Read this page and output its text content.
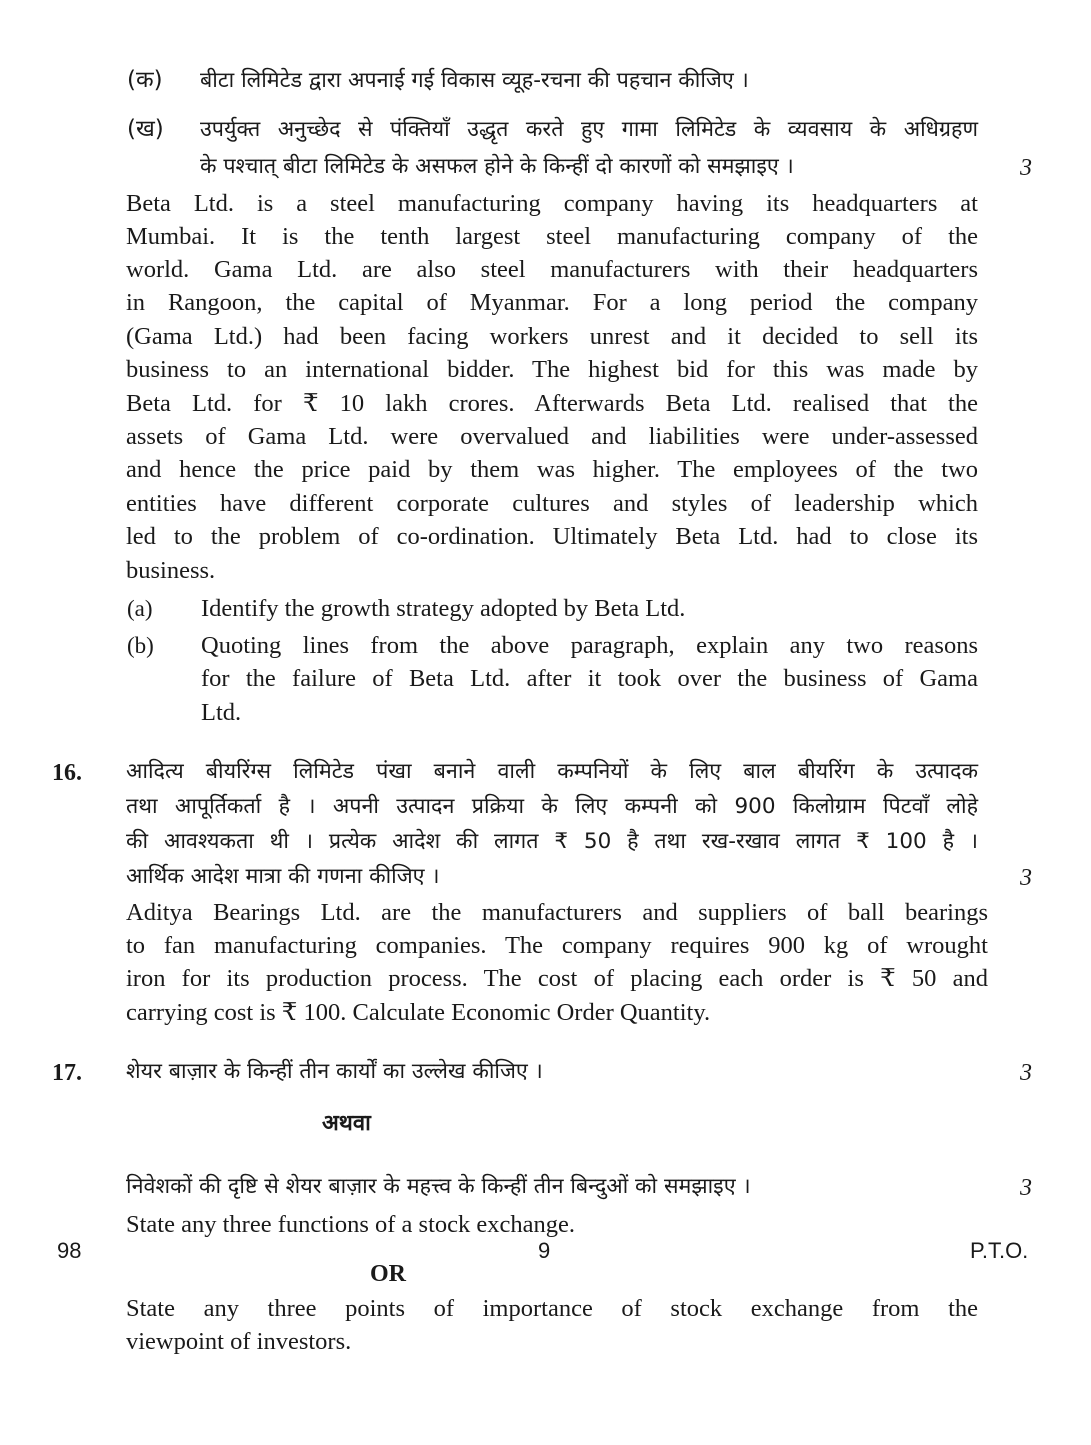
(क) बीटा लिमिटेड द्वारा अपनाई गई विकास व्यूह-रचना की पहचान कीजिए ।
(ख) उपर्युक्त अनुच्छेद से पंक्तियाँ उद्धृत करते हुए गामा लिमिटेड के व्यवसाय के अधिग्रहण
के पश्चात् बीटा लिमिटेड के असफल होने के किन्हीं दो कारणों को समझाइए ।	3
Beta Ltd. is a steel manufacturing company having its headquarters at
Mumbai. It is the tenth largest steel manufacturing company of the
world. Gama Ltd. are also steel manufacturers with their headquarters
in Rangoon, the capital of Myanmar. For a long period the company
(Gama Ltd.) had been facing workers unrest and it decided to sell its
business to an international bidder. The highest bid for this was made by
Beta Ltd. for ₹ 10 lakh crores. Afterwards Beta Ltd. realised that the
assets of Gama Ltd. were overvalued and liabilities were under-assessed
and hence the price paid by them was higher. The employees of the two
entities have different corporate cultures and styles of leadership which
led to the problem of co-ordination. Ultimately Beta Ltd. had to close its
business.
(a) Identify the growth strategy adopted by Beta Ltd.
(b) Quoting lines from the above paragraph, explain any two reasons
for the failure of Beta Ltd. after it took over the business of Gama
Ltd.
16. आदित्य बीयरिंग्स लिमिटेड पंखा बनाने वाली कम्पनियों के लिए बाल बीयरिंग के उत्पादक
तथा आपूर्तिकर्ता है । अपनी उत्पादन प्रक्रिया के लिए कम्पनी को 900 किलोग्राम पिटवाँ लोहे
की आवश्यकता थी । प्रत्येक आदेश की लागत ₹ 50 है तथा रख-रखाव लागत ₹ 100 है ।
आर्थिक आदेश मात्रा की गणना कीजिए ।	3
Aditya Bearings Ltd. are the manufacturers and suppliers of ball bearings
to fan manufacturing companies. The company requires 900 kg of wrought
iron for its production process. The cost of placing each order is ₹ 50 and
carrying cost is ₹ 100. Calculate Economic Order Quantity.
17. शेयर बाज़ार के किन्हीं तीन कार्यों का उल्लेख कीजिए ।	3
अथवा
निवेशकों की दृष्टि से शेयर बाज़ार के महत्त्व के किन्हीं तीन बिन्दुओं को समझाइए ।	3
State any three functions of a stock exchange.
OR
State any three points of importance of stock exchange from the
viewpoint of investors.
98	9	P.T.O.
